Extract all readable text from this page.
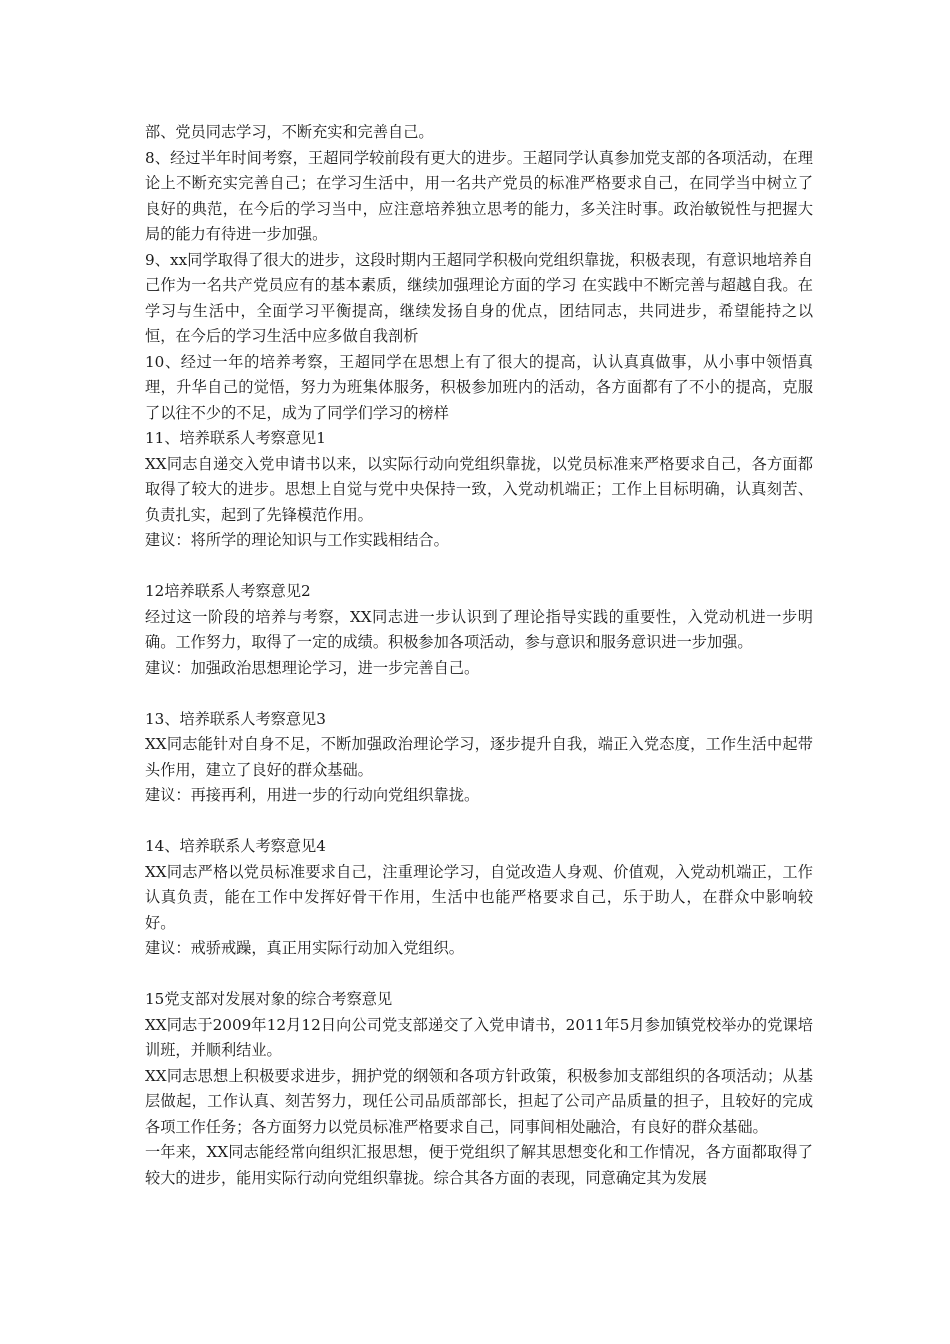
部、党员同志学习，不断充实和完善自己。

8、经过半年时间考察，王超同学较前段有更大的进步。王超同学认真参加党支部的各项活动，在理论上不断充实完善自己；在学习生活中，用一名共产党员的标准严格要求自己，在同学当中树立了良好的典范，在今后的学习当中，应注意培养独立思考的能力，多关注时事。政治敏锐性与把握大局的能力有待进一步加强。

9、xx同学取得了很大的进步，这段时期内王超同学积极向党组织靠拢，积极表现，有意识地培养自己作为一名共产党员应有的基本素质，继续加强理论方面的学习 在实践中不断完善与超越自我。在学习与生活中，全面学习平衡提高，继续发扬自身的优点，团结同志，共同进步，希望能持之以恒，在今后的学习生活中应多做自我剖析

10、经过一年的培养考察，王超同学在思想上有了很大的提高，认认真真做事，从小事中领悟真理，升华自己的觉悟，努力为班集体服务，积极参加班内的活动，各方面都有了不小的提高，克服了以往不少的不足，成为了同学们学习的榜样

11、培养联系人考察意见1

XX同志自递交入党申请书以来，以实际行动向党组织靠拢，以党员标准来严格要求自己，各方面都取得了较大的进步。思想上自觉与党中央保持一致，入党动机端正；工作上目标明确，认真刻苦、负责扎实，起到了先锋模范作用。

建议：将所学的理论知识与工作实践相结合。

12培养联系人考察意见2

经过这一阶段的培养与考察，XX同志进一步认识到了理论指导实践的重要性，入党动机进一步明确。工作努力，取得了一定的成绩。积极参加各项活动，参与意识和服务意识进一步加强。

建议：加强政治思想理论学习，进一步完善自己。

13、培养联系人考察意见3

XX同志能针对自身不足，不断加强政治理论学习，逐步提升自我，端正入党态度，工作生活中起带头作用，建立了良好的群众基础。

建议：再接再利，用进一步的行动向党组织靠拢。

14、培养联系人考察意见4

XX同志严格以党员标准要求自己，注重理论学习，自觉改造人身观、价值观，入党动机端正，工作认真负责，能在工作中发挥好骨干作用，生活中也能严格要求自己，乐于助人，在群众中影响较好。

建议：戒骄戒躁，真正用实际行动加入党组织。

15党支部对发展对象的综合考察意见

XX同志于2009年12月12日向公司党支部递交了入党申请书，2011年5月参加镇党校举办的党课培训班，并顺利结业。

XX同志思想上积极要求进步，拥护党的纲领和各项方针政策，积极参加支部组织的各项活动；从基层做起，工作认真、刻苦努力，现任公司品质部部长，担起了公司产品质量的担子，且较好的完成各项工作任务；各方面努力以党员标准严格要求自己，同事间相处融洽，有良好的群众基础。

一年来，XX同志能经常向组织汇报思想，便于党组织了解其思想变化和工作情况，各方面都取得了较大的进步，能用实际行动向党组织靠拢。综合其各方面的表现，同意确定其为发展
